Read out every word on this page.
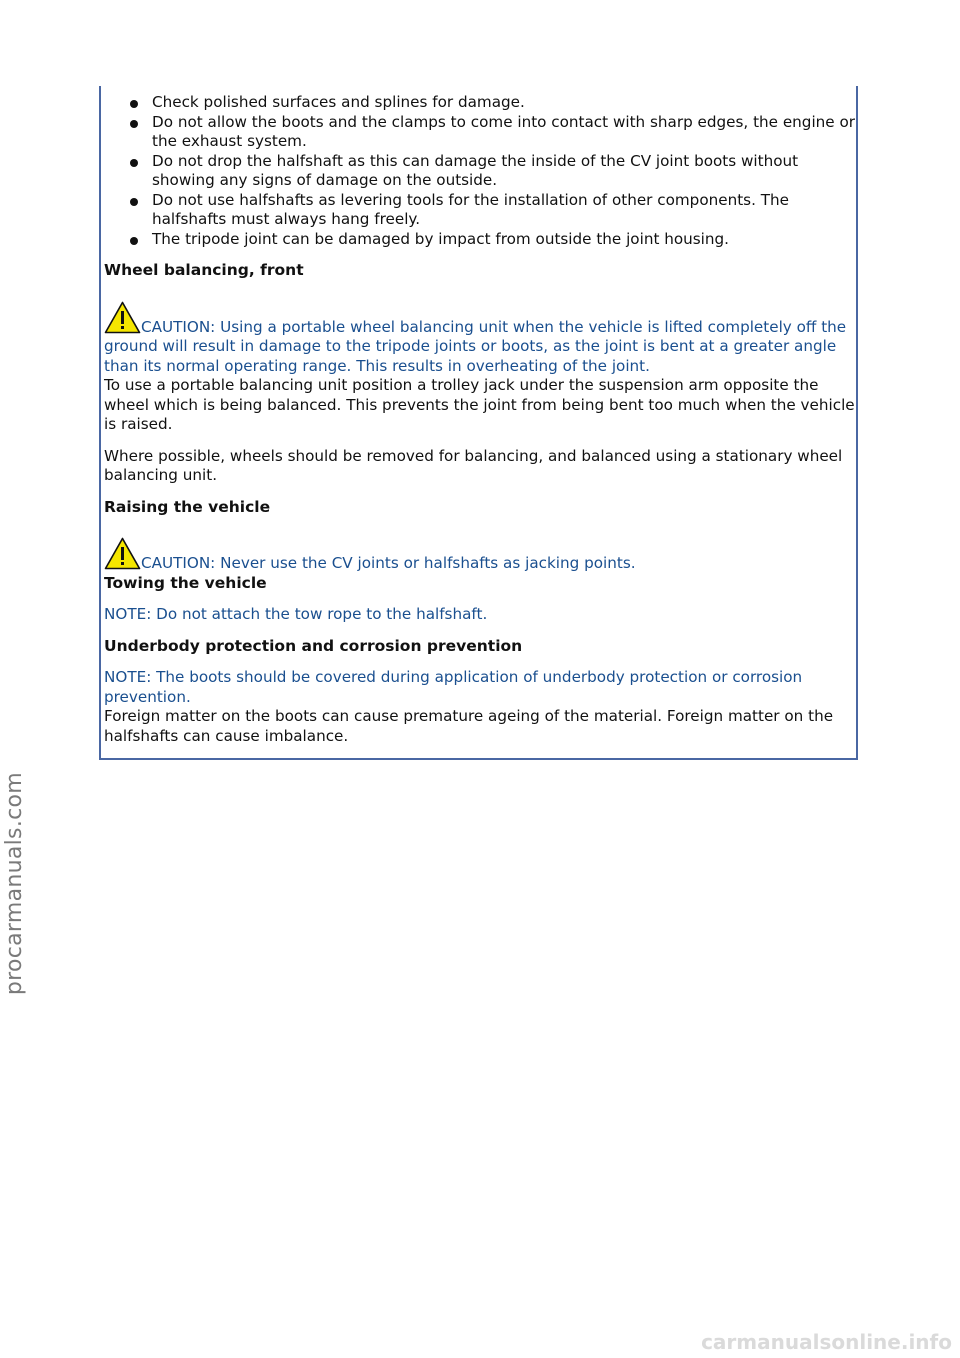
Check polished surfaces and splines for damage.
Do not allow the boots and the clamps to come into contact with sharp edges, the engine or the exhaust system.
Do not drop the halfshaft as this can damage the inside of the CV joint boots without showing any signs of damage on the outside.
Do not use halfshafts as levering tools for the installation of other components. The halfshafts must always hang freely.
The tripode joint can be damaged by impact from outside the joint housing.
Wheel balancing, front

CAUTION: Using a portable wheel balancing unit when the vehicle is lifted completely off the ground will result in damage to the tripode joints or boots, as the joint is bent at a greater angle than its normal operating range. This results in overheating of the joint.

To use a portable balancing unit position a trolley jack under the suspension arm opposite the wheel which is being balanced. This prevents the joint from being bent too much when the vehicle is raised.

Where possible, wheels should be removed for balancing, and balanced using a stationary wheel balancing unit.

Raising the vehicle

CAUTION: Never use the CV joints or halfshafts as jacking points.

Towing the vehicle

NOTE: Do not attach the tow rope to the halfshaft.

Underbody protection and corrosion prevention

NOTE: The boots should be covered during application of underbody protection or corrosion prevention.

Foreign matter on the boots can cause premature ageing of the material. Foreign matter on the halfshafts can cause imbalance.

procarmanuals.com
carmanualsonline.info
